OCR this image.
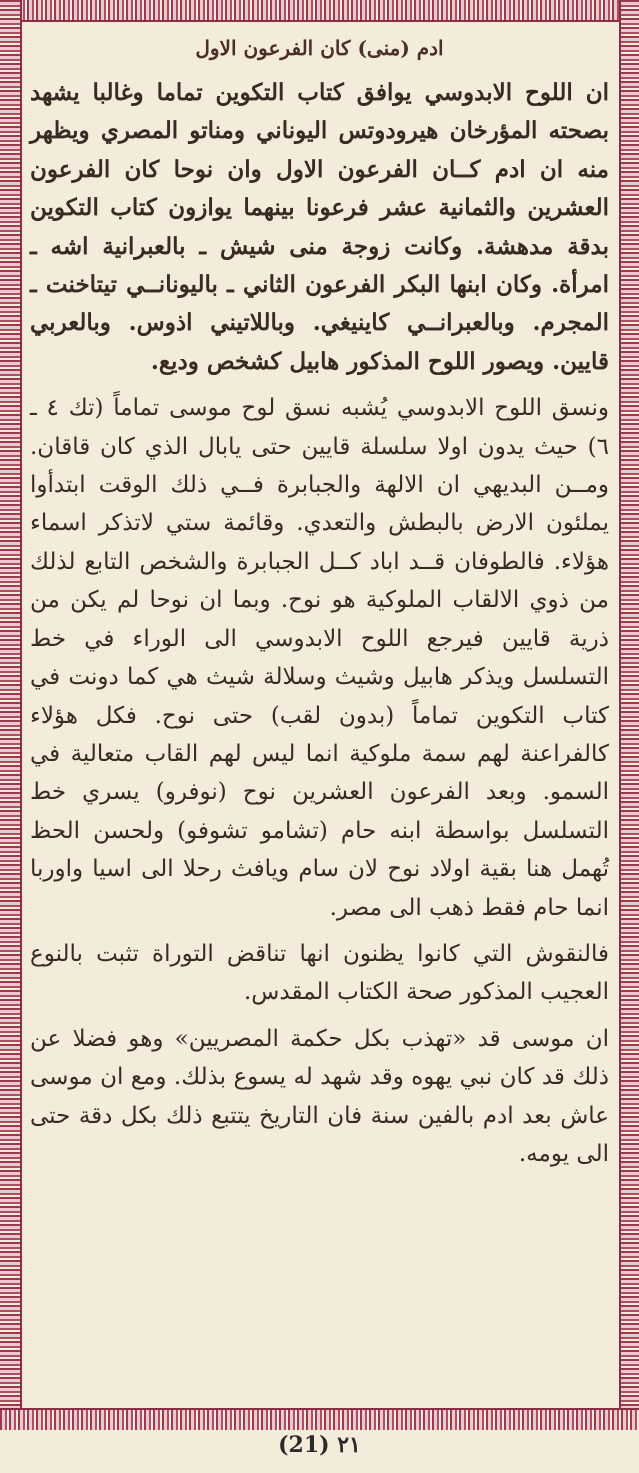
ادم (منى) كان الفرعون الاول

ان اللوح الابدوسي يوافق كتاب التكوين تماما وغالبا يشهد بصحته المؤرخان هيرودوتس اليوناني ومناتو المصري ويظهر منه ان ادم كــان الفرعون الاول وان نوحا كان الفرعون العشرين والثمانية عشر فرعونا بينهما يوازون كتاب التكوين بدقة مدهشة. وكانت زوجة منى شيش ـ بالعبرانية اشه ـ امرأة. وكان ابنها البكر الفرعون الثاني ـ باليونانــي تيتاخنت ـ المجرم. وبالعبرانــي كاينيغي. وباللاتيني اذوس. وبالعربي قايين. ويصور اللوح المذكور هابيل كشخص وديع.

ونسق اللوح الابدوسي يُشبه نسق لوح موسى تماماً (تك ٤ ـ ٦) حيث يدون اولا سلسلة قايين حتى يابال الذي كان قاقان. ومــن البديهي ان الالهة والجبابرة فــي ذلك الوقت ابتدأوا يملئون الارض بالبطش والتعدي. وقائمة ستي لاتذكر اسماء هؤلاء. فالطوفان قــد اباد كــل الجبابرة والشخص التابع لذلك من ذوي الالقاب الملوكية هو نوح. وبما ان نوحا لم يكن من ذرية قايين فيرجع اللوح الابدوسي الى الوراء في خط التسلسل ويذكر هابيل وشيث وسلالة شيث هي كما دونت في كتاب التكوين تماماً (بدون لقب) حتى نوح. فكل هؤلاء كالفراعنة لهم سمة ملوكية انما ليس لهم القاب متعالية في السمو. وبعد الفرعون العشرين نوح (نوفرو) يسري خط التسلسل بواسطة ابنه حام (تشامو تشوفو) ولحسن الحظ تُهمل هنا بقية اولاد نوح لان سام ويافث رحلا الى اسيا واوربا انما حام فقط ذهب الى مصر.

فالنقوش التي كانوا يظنون انها تناقض التوراة تثبت بالنوع العجيب المذكور صحة الكتاب المقدس.

ان موسى قد «تهذب بكل حكمة المصريين» وهو فضلا عن ذلك قد كان نبي يهوه وقد شهد له يسوع بذلك. ومع ان موسى عاش بعد ادم بالفين سنة فان التاريخ يتتبع ذلك بكل دقة حتى الى يومه.

(21) ٢١
